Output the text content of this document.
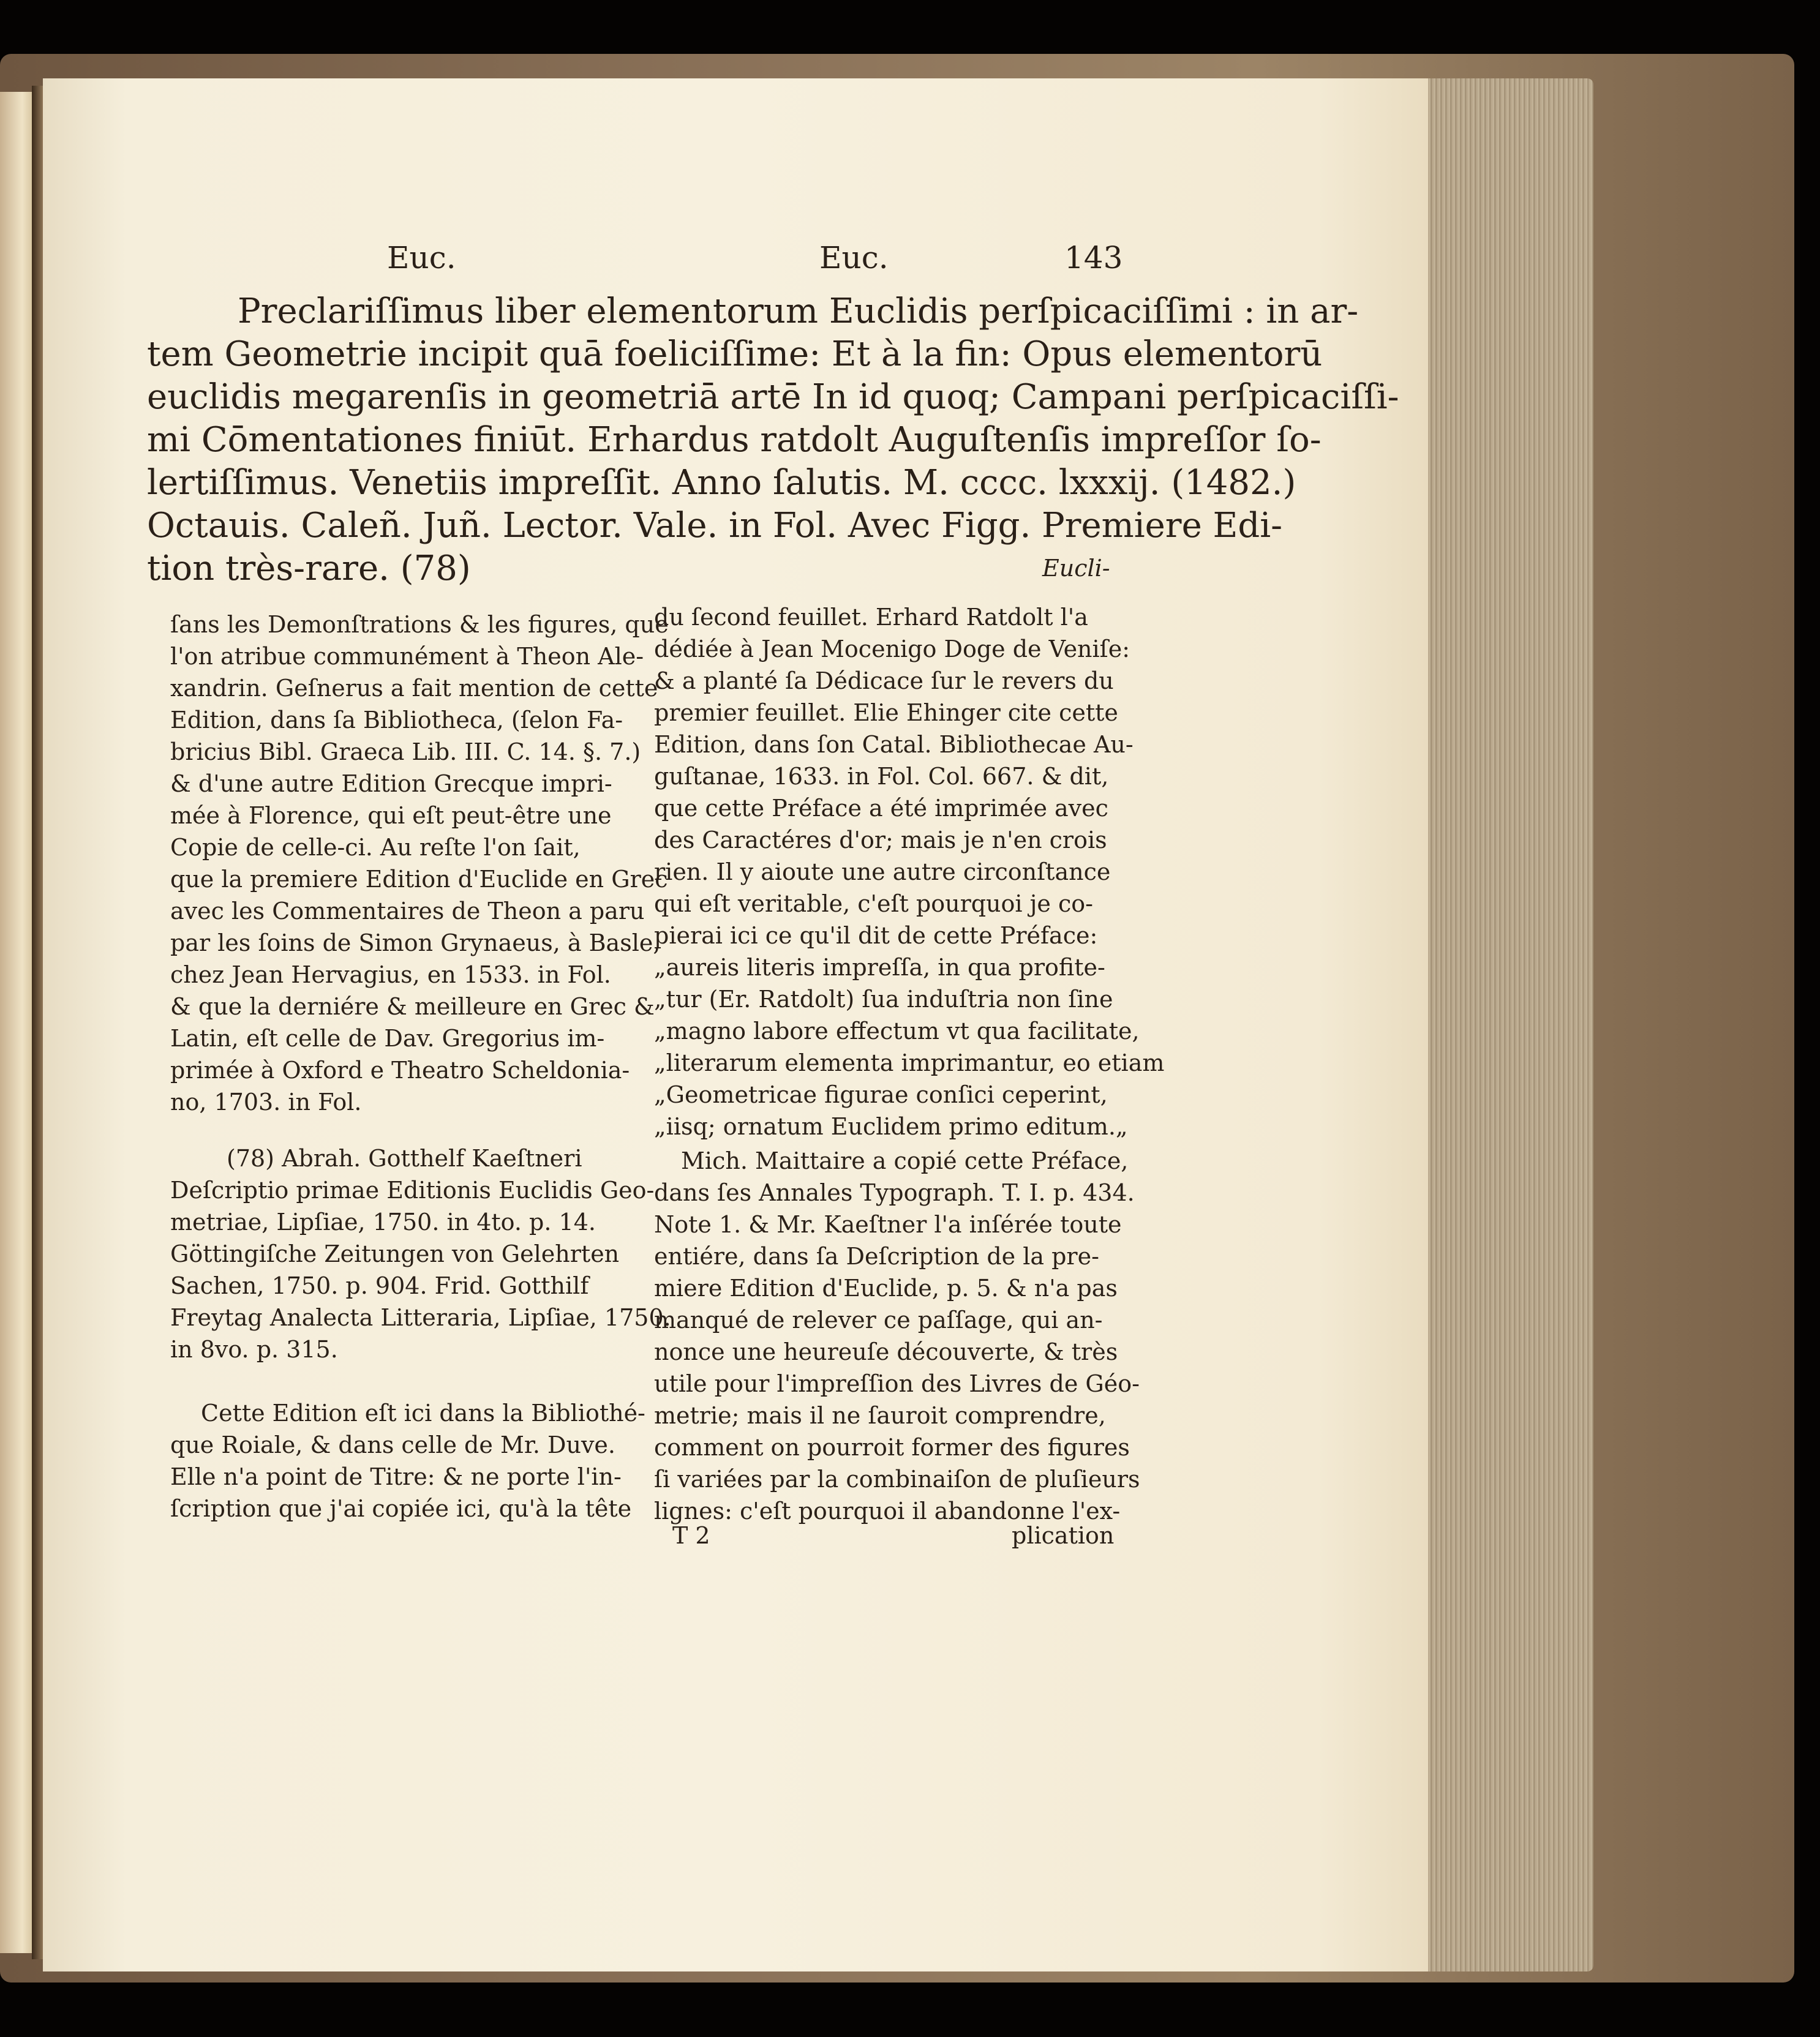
Euc.	Euc.	143
Preclariſſimus liber elementorum Euclidis perſpicaciſſimi : in ar-
tem Geometrie incipit quā foeliciſſime: Et à la fin: Opus elementorū
euclidis megarenſis in geometriā artē In id quoq; Campani perſpicaciſſi-
mi Cōmentationes finiūt. Erhardus ratdolt Auguſtenſis impreſſor ſo-
lertiſſimus. Venetiis impreſſit. Anno ſalutis. M. cccc. lxxxij. (1482.)
Octauis. Caleñ. Juñ. Lector. Vale. in Fol. Avec Figg. Premiere Edi-
tion très-rare. (78)	Eucli-
ſans les Demonſtrations & les figures, que
l'on atribue communément à Theon Ale-
xandrin. Geſnerus a fait mention de cette
Edition, dans ſa Bibliotheca, (ſelon Fa-
bricius Bibl. Graeca Lib. III. C. 14. §. 7.)
& d'une autre Edition Grecque impri-
mée à Florence, qui eſt peut-être une
Copie de celle-ci. Au reſte l'on ſait,
que la premiere Edition d'Euclide en Grec
avec les Commentaires de Theon a paru
par les ſoins de Simon Grynaeus, à Basle,
chez Jean Hervagius, en 1533. in Fol.
& que la derniére & meilleure en Grec &
Latin, eſt celle de Dav. Gregorius im-
primée à Oxford e Theatro Scheldonia-
no, 1703. in Fol.
(78) Abrah. Gotthelf Kaeſtneri
Deſcriptio primae Editionis Euclidis Geo-
metriae, Lipſiae, 1750. in 4to. p. 14.
Göttingiſche Zeitungen von Gelehrten
Sachen, 1750. p. 904. Frid. Gotthilf
Freytag Analecta Litteraria, Lipſiae, 1750.
in 8vo. p. 315.
Cette Edition eſt ici dans la Bibliothé-
que Roiale, & dans celle de Mr. Duve.
Elle n'a point de Titre: & ne porte l'in-
ſcription que j'ai copiée ici, qu'à la tête
du ſecond feuillet. Erhard Ratdolt l'a
dédiée à Jean Mocenigo Doge de Veniſe:
& a planté ſa Dédicace ſur le revers du
premier feuillet. Elie Ehinger cite cette
Edition, dans ſon Catal. Bibliothecae Au-
guſtanae, 1633. in Fol. Col. 667. & dit,
que cette Préface a été imprimée avec
des Caractéres d'or; mais je n'en crois
rien. Il y aioute une autre circonſtance
qui eſt veritable, c'eſt pourquoi je co-
pierai ici ce qu'il dit de cette Préface:
„aureis literis impreſſa, in qua profite-
„tur (Er. Ratdolt) ſua induſtria non ſine
„magno labore effectum vt qua facilitate,
„literarum elementa imprimantur, eo etiam
„Geometricae figurae conſici ceperint,
„iisq; ornatum Euclidem primo editum.„
Mich. Maittaire a copié cette Préface,
dans ſes Annales Typograph. T. I. p. 434.
Note 1. & Mr. Kaeſtner l'a inſérée toute
entiére, dans ſa Deſcription de la pre-
miere Edition d'Euclide, p. 5. & n'a pas
manqué de relever ce paſſage, qui an-
nonce une heureuſe découverte, & très
utile pour l'impreſſion des Livres de Géo-
metrie; mais il ne ſauroit comprendre,
comment on pourroit former des figures
ſi variées par la combinaiſon de pluſieurs
lignes: c'eſt pourquoi il abandonne l'ex-
T 2	plication
